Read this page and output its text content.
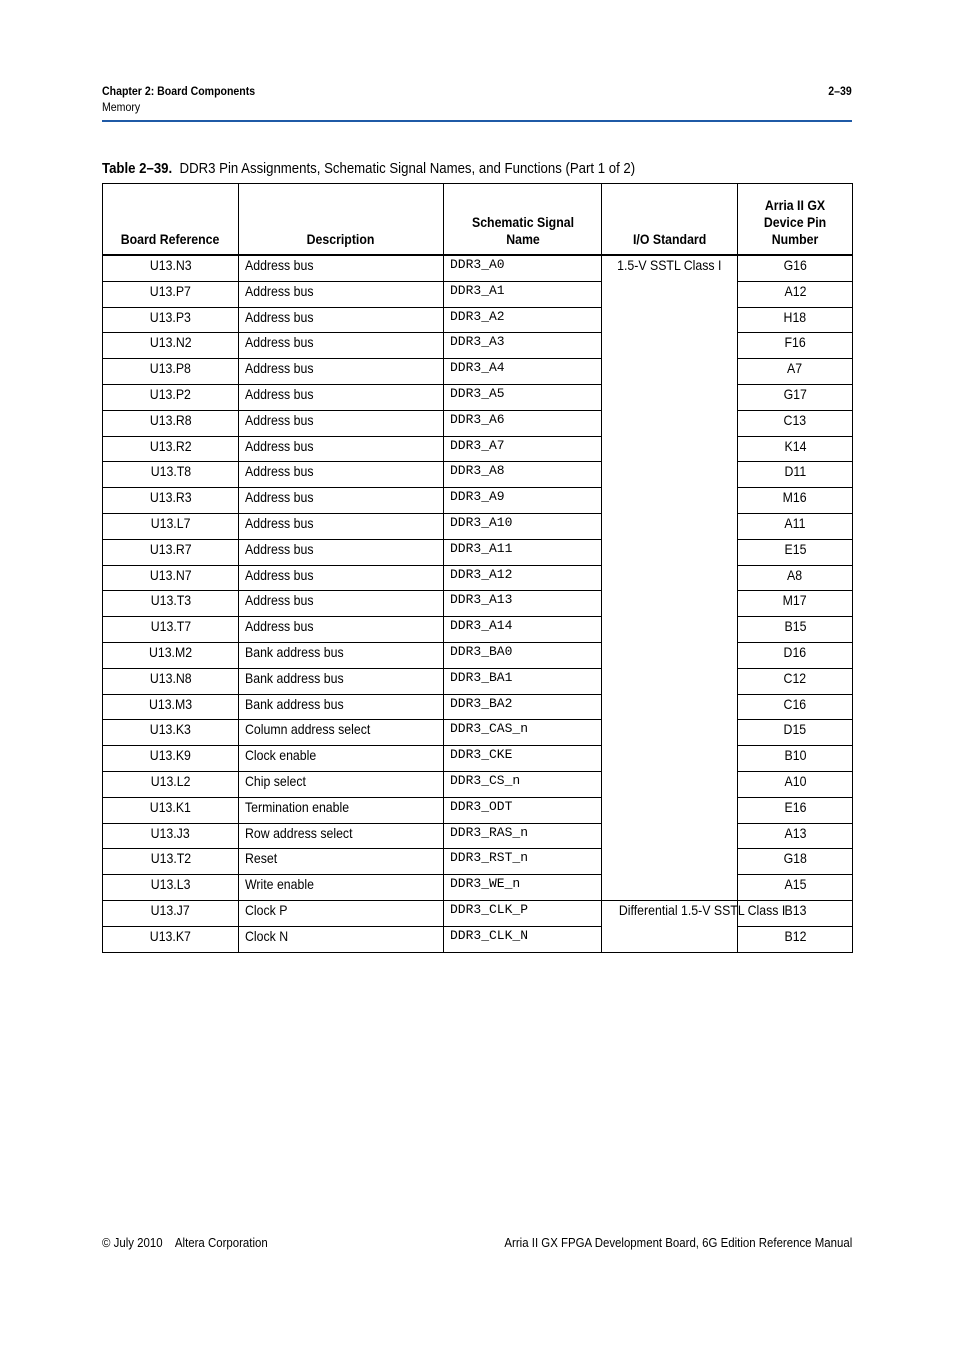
Chapter 2: Board Components
Memory
2–39
Table 2–39. DDR3 Pin Assignments, Schematic Signal Names, and Functions (Part 1 of 2)
Board Reference	Description	Schematic Signal Name	I/O Standard	Arria II GX Device Pin Number
U13.N3	Address bus	DDR3_A0	1.5-V SSTL Class I	G16
U13.P7	Address bus	DDR3_A1		A12
U13.P3	Address bus	DDR3_A2		H18
U13.N2	Address bus	DDR3_A3		F16
U13.P8	Address bus	DDR3_A4		A7
U13.P2	Address bus	DDR3_A5		G17
U13.R8	Address bus	DDR3_A6		C13
U13.R2	Address bus	DDR3_A7		K14
U13.T8	Address bus	DDR3_A8		D11
U13.R3	Address bus	DDR3_A9		M16
U13.L7	Address bus	DDR3_A10		A11
U13.R7	Address bus	DDR3_A11		E15
U13.N7	Address bus	DDR3_A12		A8
U13.T3	Address bus	DDR3_A13		M17
U13.T7	Address bus	DDR3_A14		B15
U13.M2	Bank address bus	DDR3_BA0		D16
U13.N8	Bank address bus	DDR3_BA1		C12
U13.M3	Bank address bus	DDR3_BA2		C16
U13.K3	Column address select	DDR3_CAS_n		D15
U13.K9	Clock enable	DDR3_CKE		B10
U13.L2	Chip select	DDR3_CS_n		A10
U13.K1	Termination enable	DDR3_ODT		E16
U13.J3	Row address select	DDR3_RAS_n		A13
U13.T2	Reset	DDR3_RST_n		G18
U13.L3	Write enable	DDR3_WE_n		A15
U13.J7	Clock P	DDR3_CLK_P	Differential 1.5-V SSTL Class I	B13
U13.K7	Clock N	DDR3_CLK_N		B12
© July 2010 Altera Corporation	Arria II GX FPGA Development Board, 6G Edition Reference Manual
